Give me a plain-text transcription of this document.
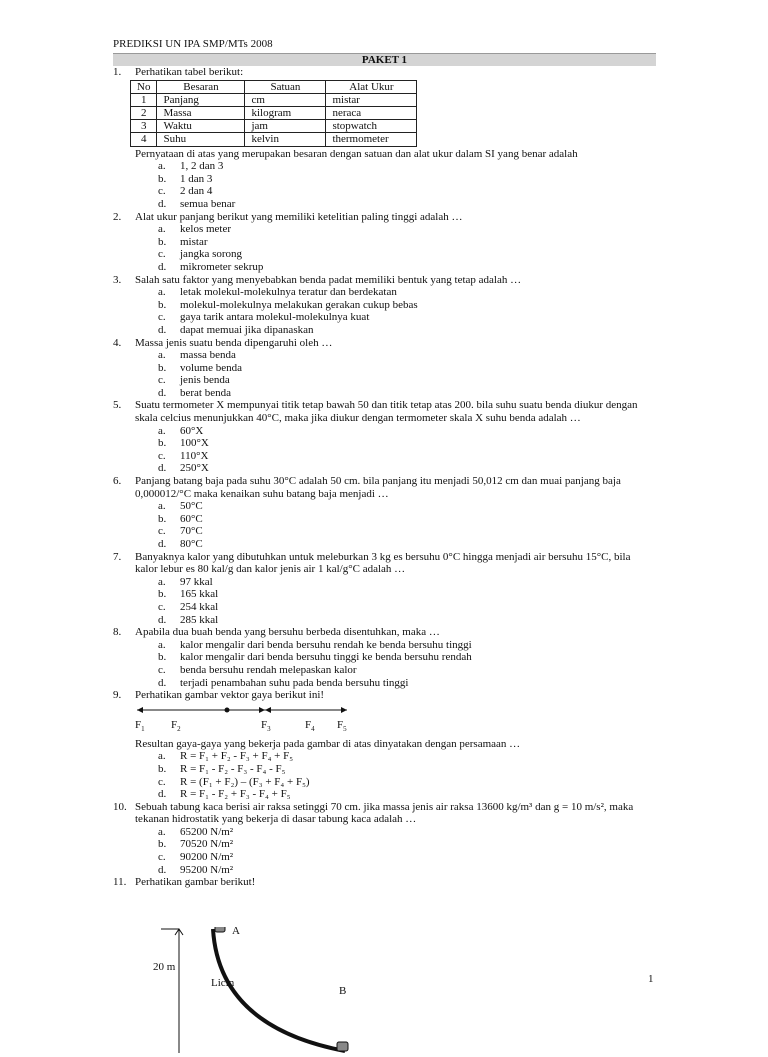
PREDIKSI UN IPA SMP/MTs 2008
PAKET 1
1.	Perhatikan tabel berikut:
No	Besaran	Satuan	Alat Ukur
1	Panjang	cm	mistar
2	Massa	kilogram	neraca
3	Waktu	jam	stopwatch
4	Suhu	kelvin	thermometer
Pernyataan di atas yang merupakan besaran dengan satuan dan alat ukur dalam SI yang benar adalah
a. 1, 2 dan 3
b. 1 dan 3
c. 2 dan 4
d. semua benar
2.	Alat ukur panjang berikut yang memiliki ketelitian paling tinggi adalah …
a. kelos meter
b. mistar
c. jangka sorong
d. mikrometer sekrup
3.	Salah satu faktor yang menyebabkan benda padat memiliki bentuk yang tetap adalah …
a. letak molekul-molekulnya teratur dan berdekatan
b. molekul-molekulnya melakukan gerakan cukup bebas
c. gaya tarik antara molekul-molekulnya kuat
d. dapat memuai jika dipanaskan
4.	Massa jenis suatu benda dipengaruhi oleh …
a. massa benda
b. volume benda
c. jenis benda
d. berat benda
5.	Suatu termometer X mempunyai titik tetap bawah 50 dan titik tetap atas 200. bila suhu suatu benda diukur dengan skala celcius menunjukkan 40°C, maka jika diukur dengan termometer skala X suhu benda adalah …
a. 60°X
b. 100°X
c. 110°X
d. 250°X
6.	Panjang batang baja pada suhu 30°C adalah 50 cm. bila panjang itu menjadi 50,012 cm dan muai panjang baja 0,000012/°C maka kenaikan suhu batang baja menjadi …
a. 50°C
b. 60°C
c. 70°C
d. 80°C
7.	Banyaknya kalor yang dibutuhkan untuk meleburkan 3 kg es bersuhu 0°C hingga menjadi air bersuhu 15°C, bila kalor lebur es 80 kal/g dan kalor jenis air 1 kal/g°C adalah …
a. 97 kkal
b. 165 kkal
c. 254 kkal
d. 285 kkal
8.	Apabila dua buah benda yang bersuhu berbeda disentuhkan, maka …
a. kalor mengalir dari benda bersuhu rendah ke benda bersuhu tinggi
b. kalor mengalir dari benda bersuhu tinggi ke benda bersuhu rendah
c. benda bersuhu rendah melepaskan kalor
d. terjadi penambahan suhu pada benda bersuhu tinggi
9.	Perhatikan gambar vektor gaya berikut ini!
$F_1$ $F_2$	$F_3$	$F_4$ $F_5$
Resultan gaya-gaya yang bekerja pada gambar di atas dinyatakan dengan persamaan …
a. R = F₁ + F₂ - F₃ + F₄ + F₅
b. R = F₁ - F₂ - F₃ - F₄ - F₅
c. R = (F₁ + F₂) – (F₃ + F₄ + F₅)
d. R = F₁ - F₂ + F₃ - F₄ + F₅
10. Sebuah tabung kaca berisi air raksa setinggi 70 cm. jika massa jenis air raksa 13600 kg/m³ dan g = 10 m/s², maka tekanan hidrostatik yang bekerja di dasar tabung kaca adalah …
a. 65200 N/m²
b. 70520 N/m²
c. 90200 N/m²
d. 95200 N/m²
11. Perhatikan gambar berikut!
A
B
20 m
Licin	1
